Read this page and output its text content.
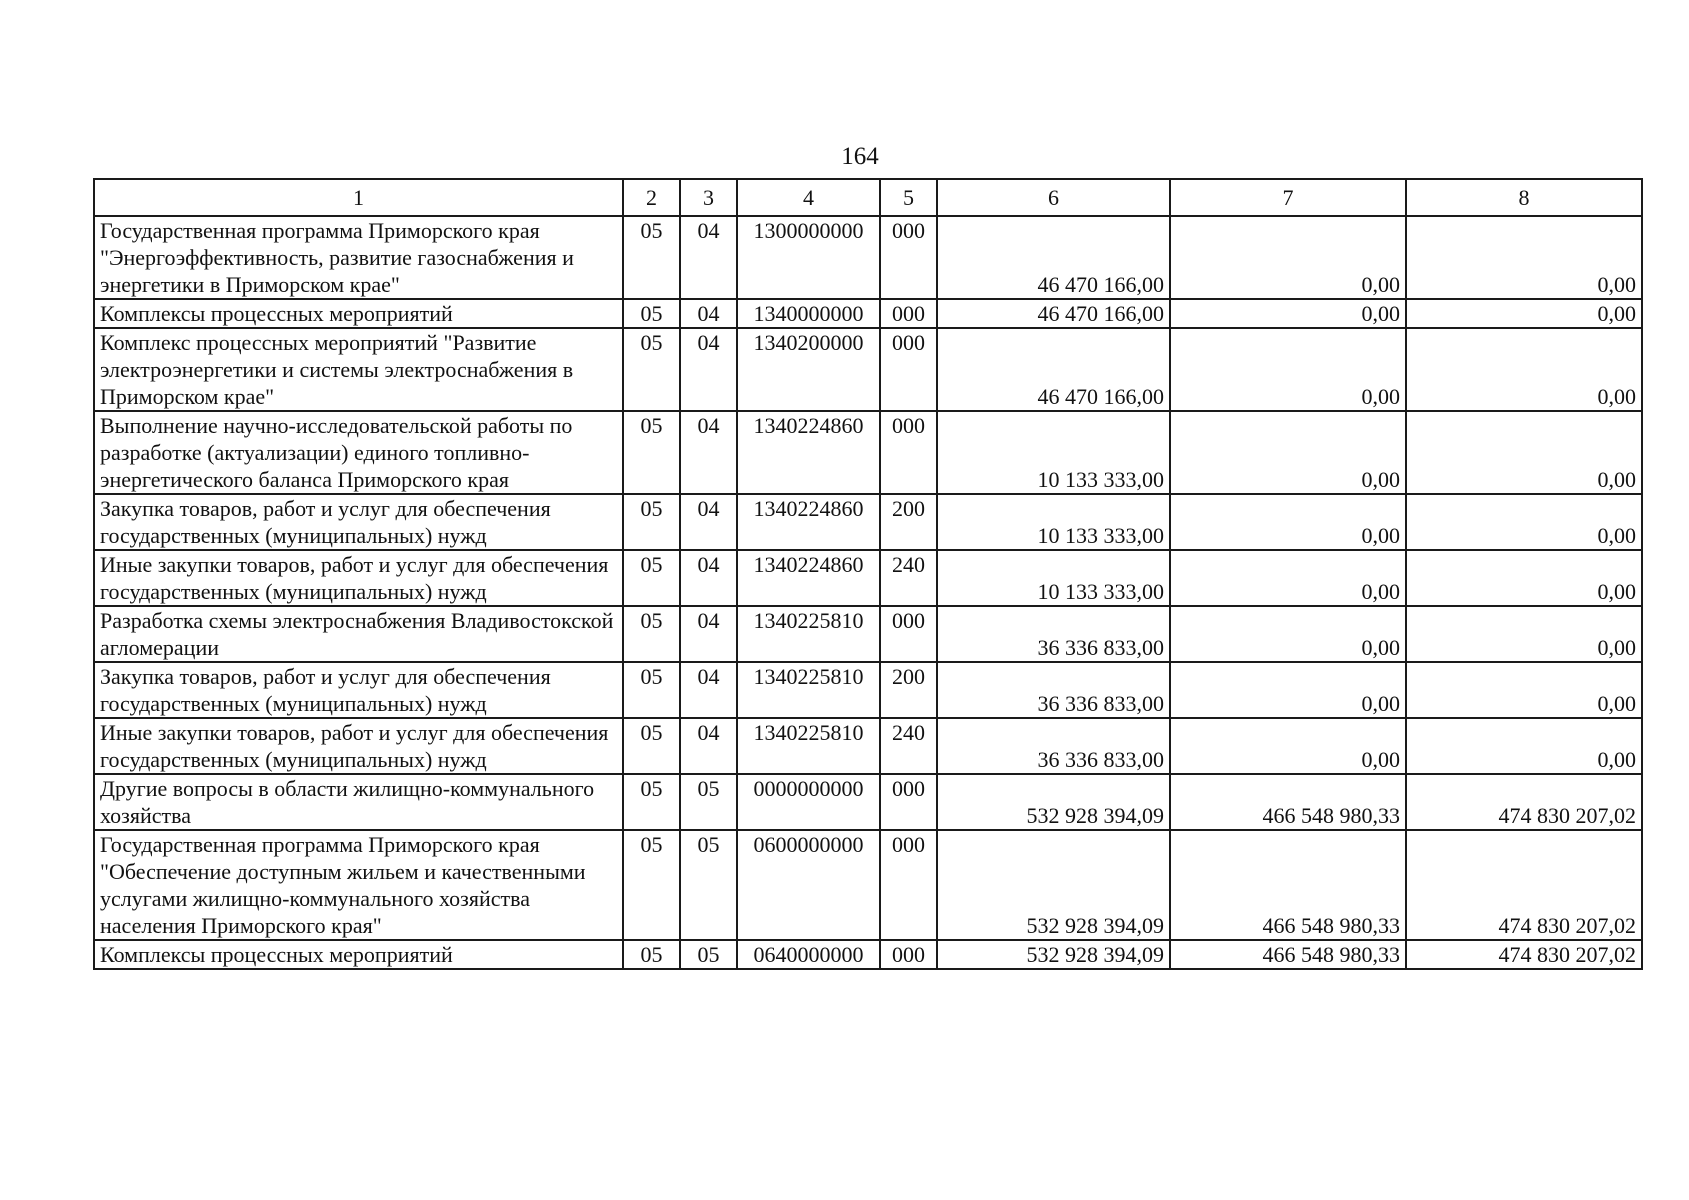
164
1	2	3	4	5	6	7	8
Государственная программа Приморского края "Энергоэффективность, развитие газоснабжения и энергетики в Приморском крае"	05	04	1300000000	000	46 470 166,00	0,00	0,00
Комплексы процессных мероприятий	05	04	1340000000	000	46 470 166,00	0,00	0,00
Комплекс процессных мероприятий "Развитие электроэнергетики и системы электроснабжения в Приморском крае"	05	04	1340200000	000	46 470 166,00	0,00	0,00
Выполнение научно-исследовательской работы по разработке (актуализации) единого топливно-энергетического баланса Приморского края	05	04	1340224860	000	10 133 333,00	0,00	0,00
Закупка товаров, работ и услуг для обеспечения государственных (муниципальных) нужд	05	04	1340224860	200	10 133 333,00	0,00	0,00
Иные закупки товаров, работ и услуг для обеспечения государственных (муниципальных) нужд	05	04	1340224860	240	10 133 333,00	0,00	0,00
Разработка схемы электроснабжения Владивостокской агломерации	05	04	1340225810	000	36 336 833,00	0,00	0,00
Закупка товаров, работ и услуг для обеспечения государственных (муниципальных) нужд	05	04	1340225810	200	36 336 833,00	0,00	0,00
Иные закупки товаров, работ и услуг для обеспечения государственных (муниципальных) нужд	05	04	1340225810	240	36 336 833,00	0,00	0,00
Другие вопросы в области жилищно-коммунального хозяйства	05	05	0000000000	000	532 928 394,09	466 548 980,33	474 830 207,02
Государственная программа Приморского края "Обеспечение доступным жильем и качественными услугами жилищно-коммунального хозяйства населения Приморского края"	05	05	0600000000	000	532 928 394,09	466 548 980,33	474 830 207,02
Комплексы процессных мероприятий	05	05	0640000000	000	532 928 394,09	466 548 980,33	474 830 207,02
